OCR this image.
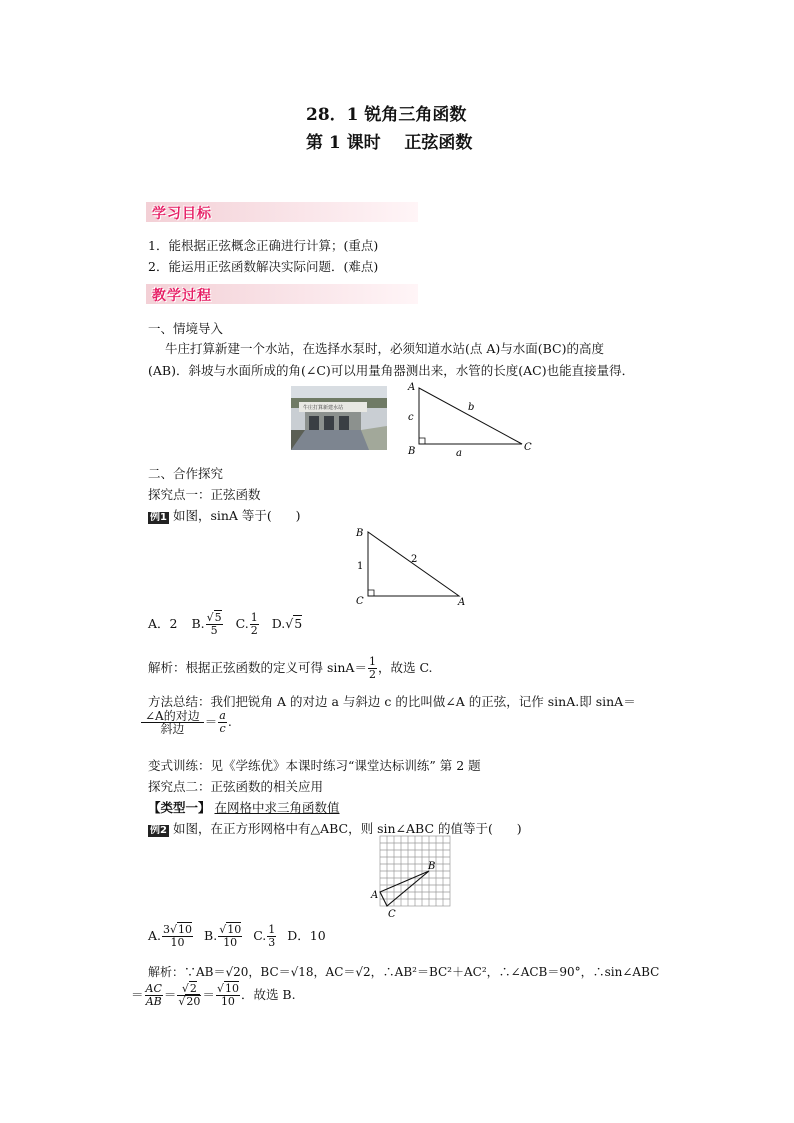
28．1 锐角三角函数
第 1 课时    正弦函数
学习目标
1．能根据正弦概念正确进行计算；(重点)
2．能运用正弦函数解决实际问题．(难点)
教学过程
一、情境导入
牛庄打算新建一个水站，在选择水泵时，必须知道水站(点 A)与水面(BC)的高度
(AB)．斜坡与水面所成的角(∠C)可以用量角器测出来，水管的长度(AC)也能直接量得．
牛庄打算新建水站
A
B	C
a
b
c
二、合作探究
探究点一：正弦函数
例1 如图，sinA 等于(      )
B
C	A
1
2
A．2 B. $\frac{√5}{5} C$. $\frac{1}{2} D.√5$
解析：根据正弦函数的定义可得 $\sin A= \frac{1}{2}$ ，故选 C.
方法总结：我们把锐角 A 的对边 a 与斜边 c 的比叫做∠A 的正弦，记作 sinA.即 sinA＝
$\frac{\text{∠A的对边}}{\text{斜边}} = \frac{a}{c}$ .
变式训练：见《学练优》本课时练习“课堂达标训练” 第 2 题
探究点二：正弦函数的相关应用
【类型一】 在网格中求三角函数值
例2 如图，在正方形网格中有△ABC，则 sin∠ABC 的值等于(      )
A
B
C
A. $\frac{3√10}{10} B$. $\frac{√10}{10} C$. $\frac{1}{3}$ D．10
解析：∵AB＝√20，BC＝√18，AC＝√2，∴AB²＝BC²＋AC²，∴∠ACB＝90°，∴sin∠ABC
＝ $\frac{AC}{AB} = \frac{√2}{√20} = \frac{√10}{10}$ ．故选 B.
